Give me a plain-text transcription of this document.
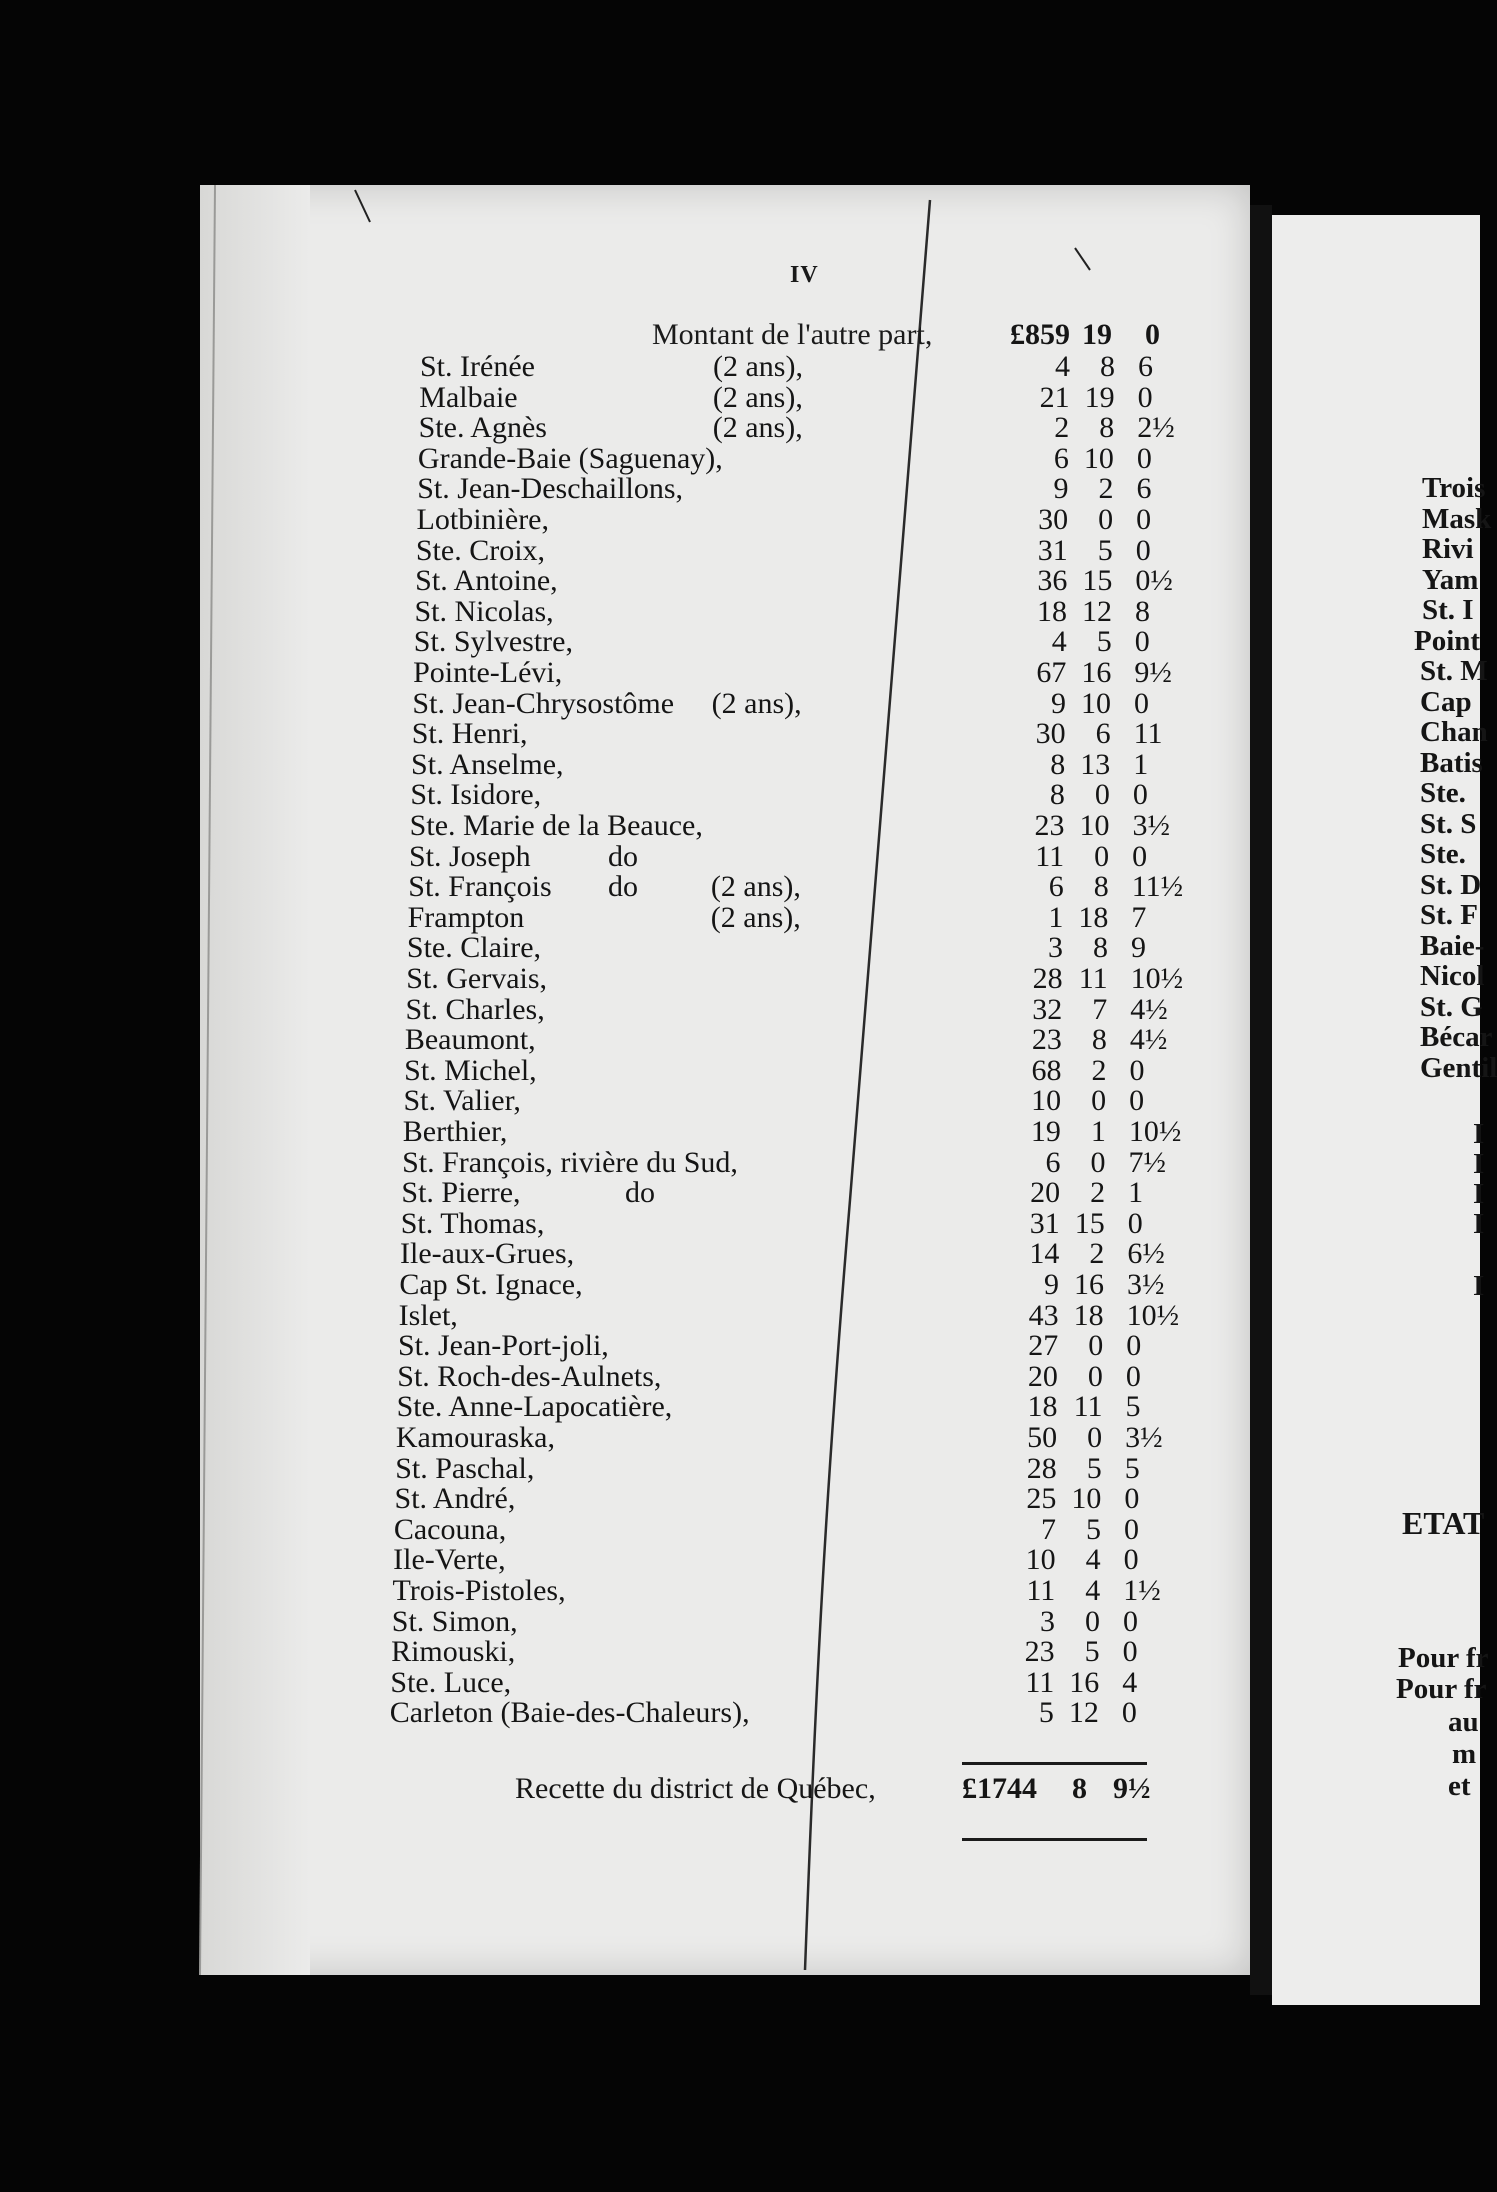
IV
Montant de l'autre part,	£859 19 0
St. Irénée	(2 ans),	4	8 6
Malbaie	(2 ans),	21 19 0
Ste. Agnès	(2 ans),	2	8 2½
Grande-Baie (Saguenay),	6 10 0
St. Jean-Deschaillons,	9	2 6
Lotbinière,	30	0 0
Ste. Croix,	31	5 0
St. Antoine,	36 15 0½
St. Nicolas,	18 12 8
St. Sylvestre,	4	5 0
Pointe-Lévi,	67 16 9½
St. Jean-Chrysostôme (2 ans),	9 10 0
St. Henri,	30	6 11
St. Anselme,	8 13 1
St. Isidore,	8	0 0
Ste. Marie de la Beauce,	23 10 3½
St. Joseph	do	11	0 0
St. François do (2 ans),	6	8 11½
Frampton	(2 ans),	1 18 7
Ste. Claire,	3	8 9
St. Gervais,	28 11 10½
St. Charles,	32	7 4½
Beaumont,	23	8 4½
St. Michel,	68	2 0
St. Valier,	10	0 0
Berthier,	19	1 10½
St. François, rivière du Sud,	6	0 7½
St. Pierre,	do	20	2 1
St. Thomas,	31 15 0
Ile-aux-Grues,	14	2 6½
Cap St. Ignace,	9 16 3½
Islet,	43 18 10½
St. Jean-Port-joli,	27	0 0
St. Roch-des-Aulnets,	20	0 0
Ste. Anne-Lapocatière,	18 11 5
Kamouraska,	50	0 3½
St. Paschal,	28	5 5
St. André,	25 10 0
Cacouna,	7	5 0
Ile-Verte,	10	4 0
Trois-Pistoles,	11	4 1½
St. Simon,	3	0 0
Rimouski,	23	5 0
Ste. Luce,	11 16 4
Carleton (Baie-des-Chaleurs),	5 12 0
Recette du district de Québec,	£1744 8 9½
Trois
Mask
Rivi
Yam
St. I
Point
St. M
Cap
Chan
Batis
Ste.
St. S
Ste.
St. D
St. F
Baie-
Nicol
St. G
Bécar
Gentil
I
I
I
I
I
ETAT
Pour fr
Pour fr
au
m
et
